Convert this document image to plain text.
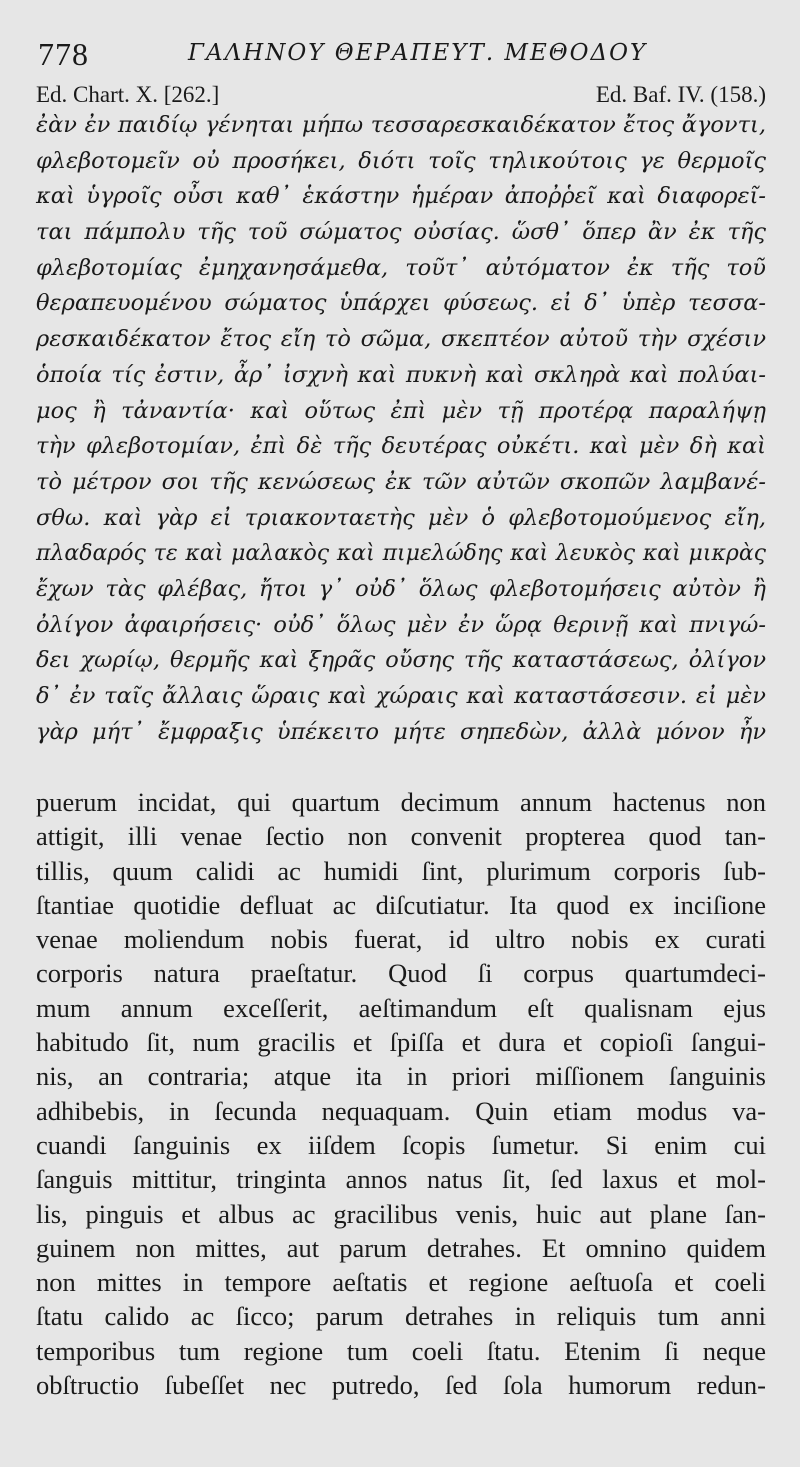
778	ΓΑΛΗΝΟΥ ΘΕΡΑΠΕΥΤ. ΜΕΘΟΔΟΥ
Ed. Chart. X. [262.]	Ed. Baf. IV. (158.)
ἐὰν ἐν παιδίῳ γένηται μήπω τεσσαρεσκαιδέκατον ἔτος ἄγοντι,
φλεβοτομεῖν οὐ προσήκει, διότι τοῖς τηλικούτοις γε θερμοῖς
καὶ ὑγροῖς οὖσι καθ᾿ ἑκάστην ἡμέραν ἀποῤῥεῖ καὶ διαφορεῖ-
ται πάμπολυ τῆς τοῦ σώματος οὐσίας. ὥσθ᾿ ὅπερ ἂν ἐκ τῆς
φλεβοτομίας ἐμηχανησάμεθα, τοῦτ᾿ αὐτόματον ἐκ τῆς τοῦ
θεραπευομένου σώματος ὑπάρχει φύσεως. εἰ δ᾿ ὑπὲρ τεσσα-
ρεσκαιδέκατον ἔτος εἴη τὸ σῶμα, σκεπτέον αὐτοῦ τὴν σχέσιν
ὁποία τίς ἐστιν, ἆρ᾿ ἰσχνὴ καὶ πυκνὴ καὶ σκληρὰ καὶ πολύαι-
μος ἢ τἀναντία· καὶ οὕτως ἐπὶ μὲν τῇ προτέρᾳ παραλήψῃ
τὴν φλεβοτομίαν, ἐπὶ δὲ τῆς δευτέρας οὐκέτι. καὶ μὲν δὴ καὶ
τὸ μέτρον σοι τῆς κενώσεως ἐκ τῶν αὐτῶν σκοπῶν λαμβανέ-
σθω. καὶ γὰρ εἰ τριακονταετὴς μὲν ὁ φλεβοτομούμενος εἴη,
πλαδαρός τε καὶ μαλακὸς καὶ πιμελώδης καὶ λευκὸς καὶ μικρὰς
ἔχων τὰς φλέβας, ἤτοι γ᾿ οὐδ᾿ ὅλως φλεβοτομήσεις αὐτὸν ἢ
ὀλίγον ἀφαιρήσεις· οὐδ᾿ ὅλως μὲν ἐν ὥρᾳ θερινῇ καὶ πνιγώ-
δει χωρίῳ, θερμῆς καὶ ξηρᾶς οὔσης τῆς καταστάσεως, ὀλίγον
δ᾿ ἐν ταῖς ἄλλαις ὥραις καὶ χώραις καὶ καταστάσεσιν. εἰ μὲν
γὰρ μήτ᾿ ἔμφραξις ὑπέκειτο μήτε σηπεδὼν, ἀλλὰ μόνον ἦν
puerum incidat, qui quartum decimum annum hactenus non
attigit, illi venae ſectio non convenit propterea quod tan-
tillis, quum calidi ac humidi ſint, plurimum corporis ſub-
ſtantiae quotidie defluat ac diſcutiatur. Ita quod ex inciſione
venae moliendum nobis fuerat, id ultro nobis ex curati
corporis natura praeſtatur. Quod ſi corpus quartumdeci-
mum annum exceſſerit, aeſtimandum eſt qualisnam ejus
habitudo ſit, num gracilis et ſpiſſa et dura et copioſi ſangui-
nis, an contraria; atque ita in priori miſſionem ſanguinis
adhibebis, in ſecunda nequaquam. Quin etiam modus va-
cuandi ſanguinis ex iiſdem ſcopis ſumetur. Si enim cui
ſanguis mittitur, tringinta annos natus ſit, ſed laxus et mol-
lis, pinguis et albus ac gracilibus venis, huic aut plane ſan-
guinem non mittes, aut parum detrahes. Et omnino quidem
non mittes in tempore aeſtatis et regione aeſtuoſa et coeli
ſtatu calido ac ſicco; parum detrahes in reliquis tum anni
temporibus tum regione tum coeli ſtatu. Etenim ſi neque
obſtructio ſubeſſet nec putredo, ſed ſola humorum redun-
